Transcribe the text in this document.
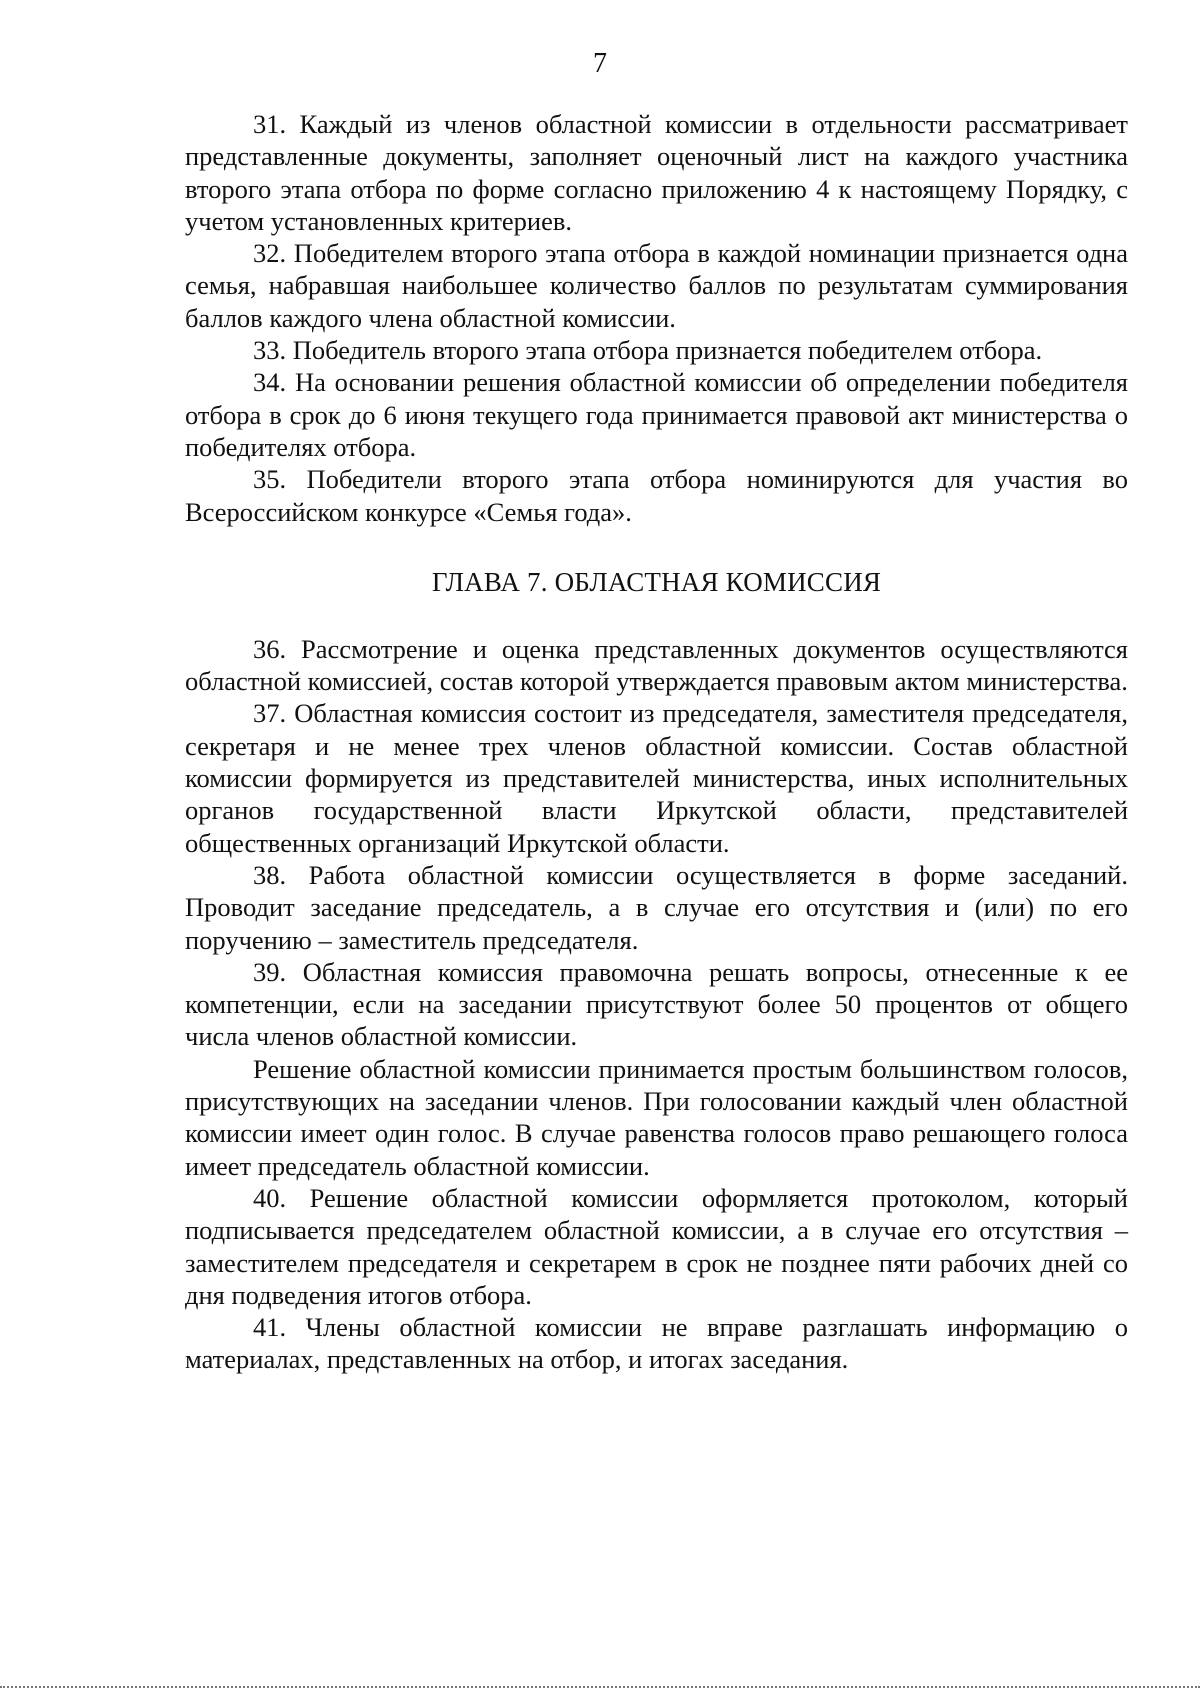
7

31. Каждый из членов областной комиссии в отдельности рассматривает представленные документы, заполняет оценочный лист на каждого участника второго этапа отбора по форме согласно приложению 4 к настоящему Порядку, с учетом установленных критериев.

32. Победителем второго этапа отбора в каждой номинации признается одна семья, набравшая наибольшее количество баллов по результатам суммирования баллов каждого члена областной комиссии.

33. Победитель второго этапа отбора признается победителем отбора.

34. На основании решения областной комиссии об определении победителя отбора в срок до 6 июня текущего года принимается правовой акт министерства о победителях отбора.

35. Победители второго этапа отбора номинируются для участия во Всероссийском конкурсе «Семья года».

ГЛАВА 7. ОБЛАСТНАЯ КОМИССИЯ

36. Рассмотрение и оценка представленных документов осуществляются областной комиссией, состав которой утверждается правовым актом министерства.

37. Областная комиссия состоит из председателя, заместителя председателя, секретаря и не менее трех членов областной комиссии. Состав областной комиссии формируется из представителей министерства, иных исполнительных органов государственной власти Иркутской области, представителей общественных организаций Иркутской области.

38. Работа областной комиссии осуществляется в форме заседаний. Проводит заседание председатель, а в случае его отсутствия и (или) по его поручению – заместитель председателя.

39. Областная комиссия правомочна решать вопросы, отнесенные к ее компетенции, если на заседании присутствуют более 50 процентов от общего числа членов областной комиссии.

Решение областной комиссии принимается простым большинством голосов, присутствующих на заседании членов. При голосовании каждый член областной комиссии имеет один голос. В случае равенства голосов право решающего голоса имеет председатель областной комиссии.

40. Решение областной комиссии оформляется протоколом, который подписывается председателем областной комиссии, а в случае его отсутствия – заместителем председателя и секретарем в срок не позднее пяти рабочих дней со дня подведения итогов отбора.

41. Члены областной комиссии не вправе разглашать информацию о материалах, представленных на отбор, и итогах заседания.
